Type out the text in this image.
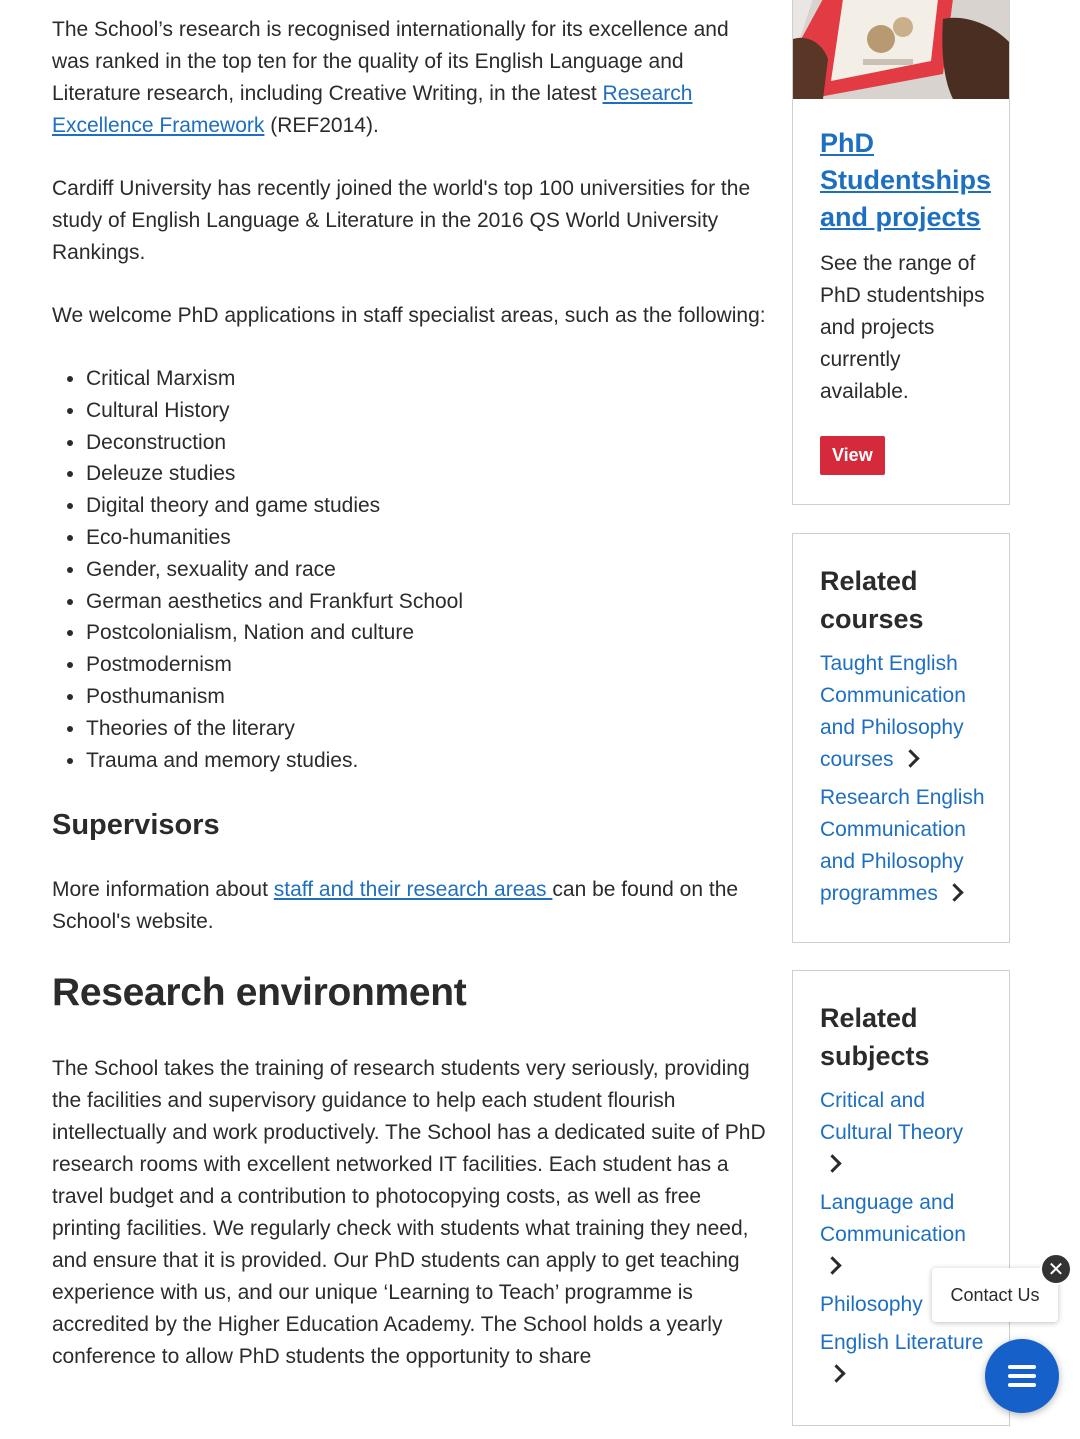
The School’s research is recognised internationally for its excellence and was ranked in the top ten for the quality of its English Language and Literature research, including Creative Writing, in the latest Research Excellence Framework (REF2014).

Cardiff University has recently joined the world's top 100 universities for the study of English Language & Literature in the 2016 QS World University Rankings.

We welcome PhD applications in staff specialist areas, such as the following:

• Critical Marxism
• Cultural History
• Deconstruction
• Deleuze studies
• Digital theory and game studies
• Eco-humanities
• Gender, sexuality and race
• German aesthetics and Frankfurt School
• Postcolonialism, Nation and culture
• Postmodernism
• Posthumanism
• Theories of the literary
• Trauma and memory studies.
Supervisors

More information about staff and their research areas can be found on the School's website.

Research environment

The School takes the training of research students very seriously, providing the facilities and supervisory guidance to help each student flourish intellectually and work productively. The School has a dedicated suite of PhD research rooms with excellent networked IT facilities. Each student has a travel budget and a contribution to photocopying costs, as well as free printing facilities. We regularly check with students what training they need, and ensure that it is provided. Our PhD students can apply to get teaching experience with us, and our unique ‘Learning to Teach’ programme is accredited by the Higher Education Academy. The School holds a yearly conference to allow PhD students the opportunity to share

PhD Studentships and projects

See the range of PhD studentships and projects currently available.

View
Related courses
Taught English Communication and Philosophy courses
Research English Communication and Philosophy programmes
Related subjects
Critical and Cultural Theory
Language and Communication
Philosophy
English Literature
Contact Us
✕
